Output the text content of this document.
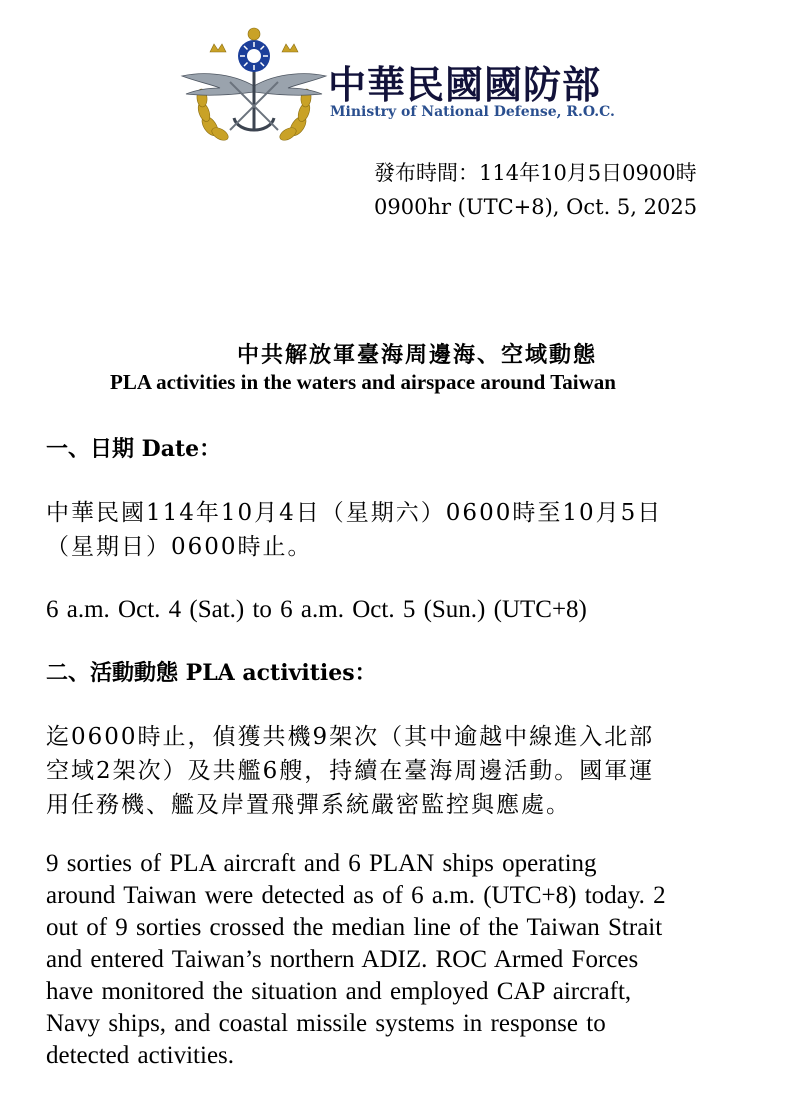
中華民國國防部
Ministry of National Defense, R.O.C.
發布時間：114年10月5日0900時
0900hr (UTC+8), Oct. 5, 2025
中共解放軍臺海周邊海、空域動態
PLA activities in the waters and airspace around Taiwan
一、日期 Date：
中華民國114年10月4日（星期六）0600時至10月5日
（星期日）0600時止。
6 a.m. Oct. 4 (Sat.) to 6 a.m. Oct. 5 (Sun.) (UTC+8)
二、活動動態 PLA activities：
迄0600時止，偵獲共機9架次（其中逾越中線進入北部
空域2架次）及共艦6艘，持續在臺海周邊活動。國軍運
用任務機、艦及岸置飛彈系統嚴密監控與應處。
9 sorties of PLA aircraft and 6 PLAN ships operating
around Taiwan were detected as of 6 a.m. (UTC+8) today. 2
out of 9 sorties crossed the median line of the Taiwan Strait
and entered Taiwan’s northern ADIZ. ROC Armed Forces
have monitored the situation and employed CAP aircraft,
Navy ships, and coastal missile systems in response to
detected activities.
